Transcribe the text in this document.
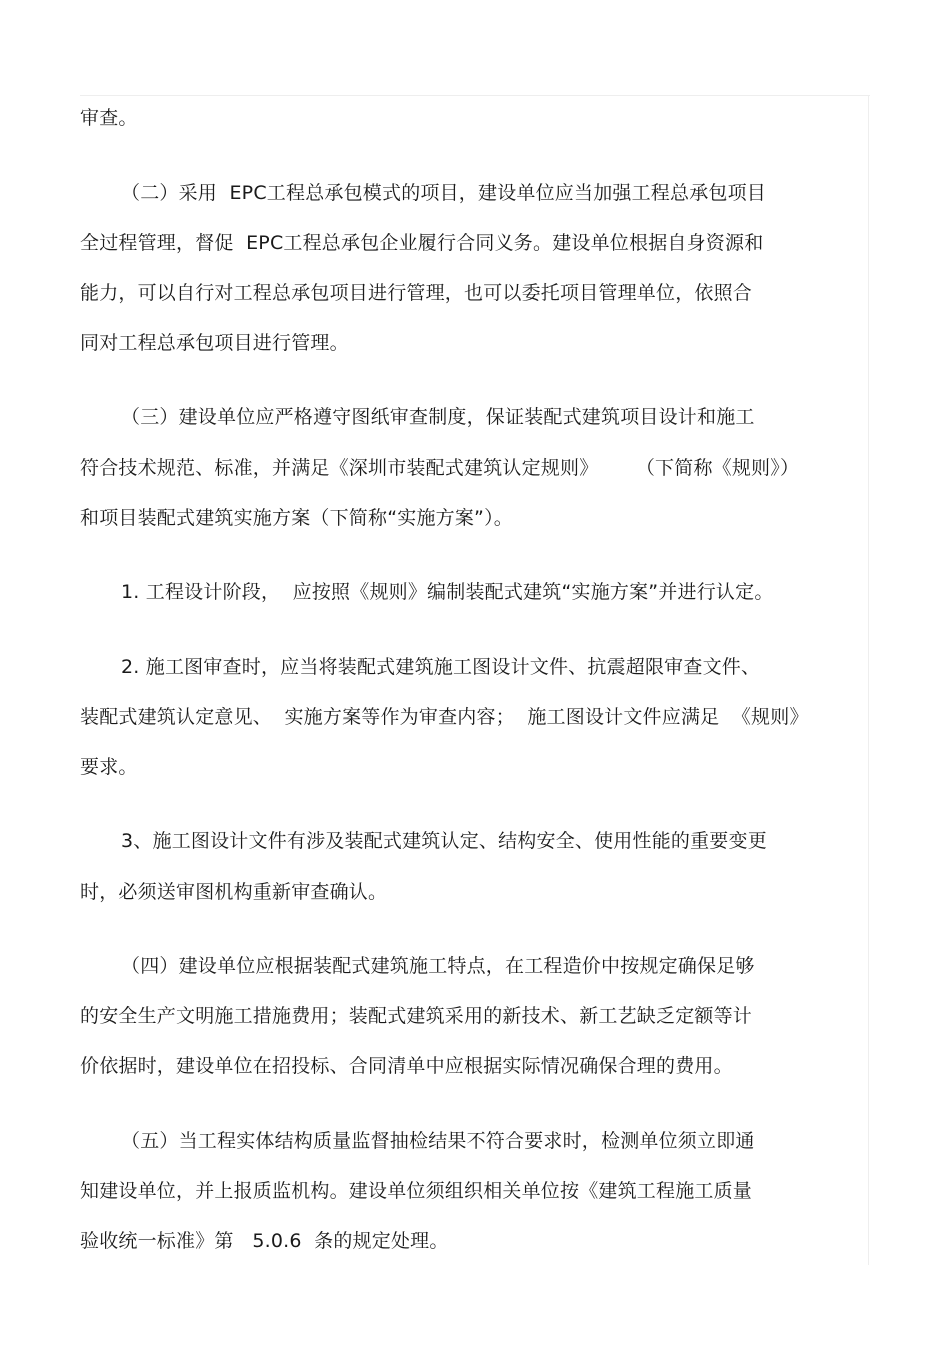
审查。
（二）采用  EPC工程总承包模式的项目，建设单位应当加强工程总承包项目
全过程管理，督促  EPC工程总承包企业履行合同义务。建设单位根据自身资源和
能力，可以自行对工程总承包项目进行管理，也可以委托项目管理单位，依照合
同对工程总承包项目进行管理。
（三）建设单位应严格遵守图纸审查制度，保证装配式建筑项目设计和施工
符合技术规范、标准，并满足《深圳市装配式建筑认定规则》      （下简称《规则》）
和项目装配式建筑实施方案（下简称“实施方案”）。
1. 工程设计阶段，  应按照《规则》编制装配式建筑“实施方案”并进行认定。
2. 施工图审查时，应当将装配式建筑施工图设计文件、抗震超限审查文件、
装配式建筑认定意见、  实施方案等作为审查内容；  施工图设计文件应满足  《规则》
要求。
3、施工图设计文件有涉及装配式建筑认定、结构安全、使用性能的重要变更
时，必须送审图机构重新审查确认。
（四）建设单位应根据装配式建筑施工特点，在工程造价中按规定确保足够
的安全生产文明施工措施费用；装配式建筑采用的新技术、新工艺缺乏定额等计
价依据时，建设单位在招投标、合同清单中应根据实际情况确保合理的费用。
（五）当工程实体结构质量监督抽检结果不符合要求时，检测单位须立即通
知建设单位，并上报质监机构。建设单位须组织相关单位按《建筑工程施工质量
验收统一标准》第   5.0.6  条的规定处理。
